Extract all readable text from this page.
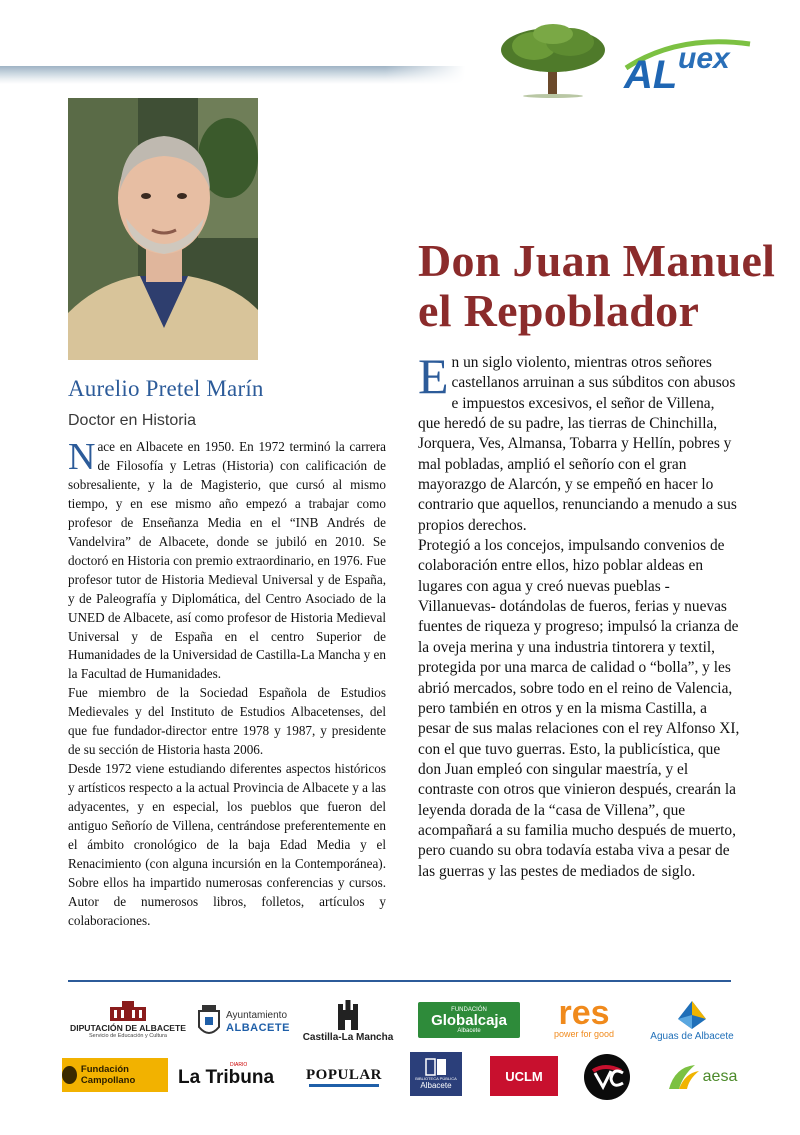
AL uex
Aurelio Pretel Marín
Doctor en Historia

Nace en Albacete en 1950. En 1972 terminó la carrera de Filosofía y Letras (Historia) con calificación de sobresaliente, y la de Magisterio, que cursó al mismo tiempo, y en ese mismo año empezó a trabajar como profesor de Enseñanza Media en el “INB Andrés de Vandelvira” de Albacete, donde se jubiló en 2010. Se doctoró en Historia con premio extraordinario, en 1976. Fue profesor tutor de Historia Medieval Universal y de España, y de Paleografía y Diplomática, del Centro Asociado de la UNED de Albacete, así como profesor de Historia Medieval Universal y de España en el centro Superior de Humanidades de la Universidad de Castilla-La Mancha y en la Facultad de Humanidades.

Fue miembro de la Sociedad Española de Estudios Medievales y del Instituto de Estudios Albacetenses, del que fue fundador-director entre 1978 y 1987, y presidente de su sección de Historia hasta 2006.

Desde 1972 viene estudiando diferentes aspectos históricos y artísticos respecto a la actual Provincia de Albacete y a las adyacentes, y en especial, los pueblos que fueron del antiguo Señorío de Villena, centrándose preferentemente en el ámbito cronológico de la baja Edad Media y el Renacimiento (con alguna incursión en la Contemporánea). Sobre ellos ha impartido numerosas conferencias y cursos. Autor de numerosos libros, folletos, artículos y colaboraciones.

Don Juan Manuel
el Repoblador

En un siglo violento, mientras otros señores castellanos arruinan a sus súbditos con abusos e impuestos excesivos, el señor de Villena, que heredó de su padre, las tierras de Chinchilla, Jorquera, Ves, Almansa, Tobarra y Hellín, pobres y mal pobladas, amplió el señorío con el gran mayorazgo de Alarcón, y se empeñó en hacer lo contrario que aquellos, renunciando a menudo a sus propios derechos.

Protegió a los concejos, impulsando convenios de colaboración entre ellos, hizo poblar aldeas en lugares con agua y creó nuevas pueblas -Villanuevas- dotándolas de fueros, ferias y nuevas fuentes de riqueza y progreso; impulsó la crianza de la oveja merina y una industria tintorera y textil, protegida por una marca de calidad o “bolla”, y les abrió mercados, sobre todo en el reino de Valencia, pero también en otros y en la misma Castilla, a pesar de sus malas relaciones con el rey Alfonso XI, con el que tuvo guerras. Esto, la publicística, que don Juan empleó con singular maestría, y el contraste con otros que vinieron después, crearán la leyenda dorada de la “casa de Villena”, que acompañará a su familia mucho después de muerto, pero cuando su obra todavía estaba viva a pesar de las guerras y las pestes de mediados de siglo.

DIPUTACIÓN DE ALBACETE
Servicio de Educación y Cultura
Ayuntamiento
ALBACETE
Castilla-La Mancha
FUNDACIÓN
Globalcaja
Albacete res
power for good	Aguas de Albacete
Fundación Campollano
DIARIO
La Tribuna POPULAR	BIBLIOTECA PÚBLICA
Albacete
UCLM	aesa
